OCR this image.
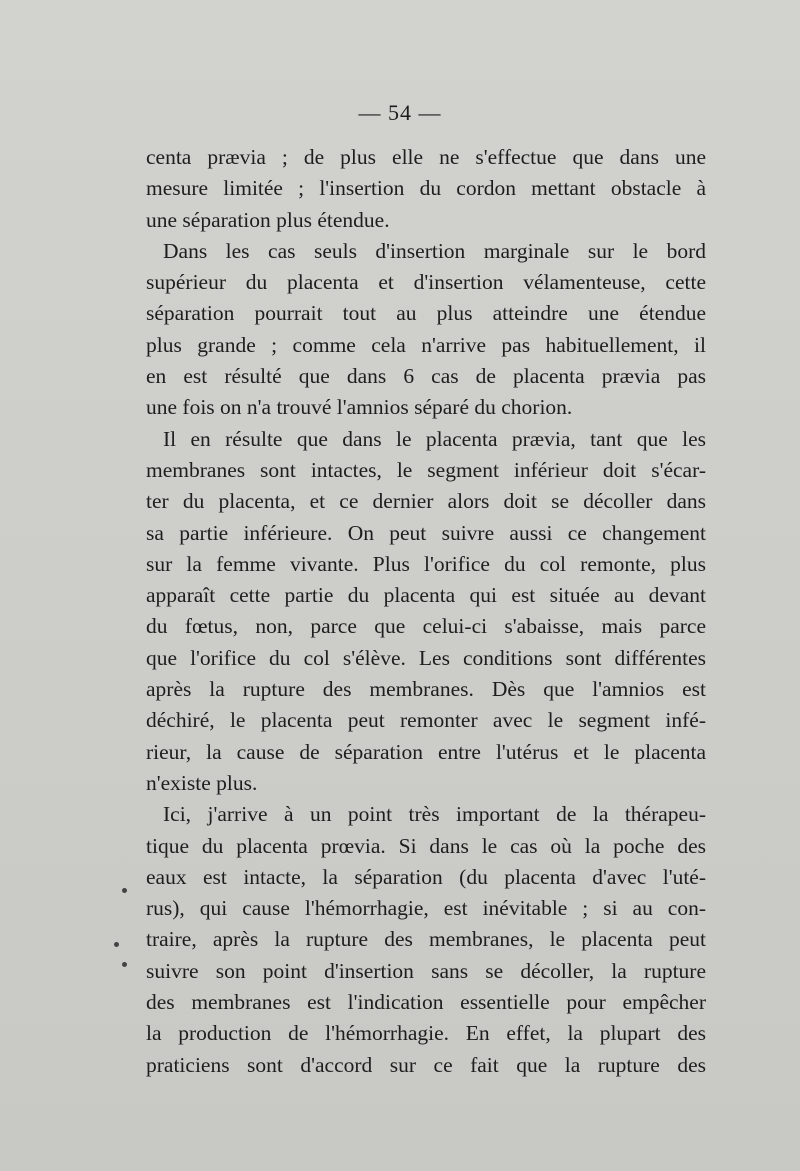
— 54 —
centa prævia ; de plus elle ne s'effectue que dans une
mesure limitée ; l'insertion du cordon mettant obstacle à
une séparation plus étendue.
Dans les cas seuls d'insertion marginale sur le bord
supérieur du placenta et d'insertion vélamenteuse, cette
séparation pourrait tout au plus atteindre une étendue
plus grande ; comme cela n'arrive pas habituellement, il
en est résulté que dans 6 cas de placenta prævia pas
une fois on n'a trouvé l'amnios séparé du chorion.
Il en résulte que dans le placenta prævia, tant que les
membranes sont intactes, le segment inférieur doit s'écar-
ter du placenta, et ce dernier alors doit se décoller dans
sa partie inférieure. On peut suivre aussi ce changement
sur la femme vivante. Plus l'orifice du col remonte, plus
apparaît cette partie du placenta qui est située au devant
du fœtus, non, parce que celui-ci s'abaisse, mais parce
que l'orifice du col s'élève. Les conditions sont différentes
après la rupture des membranes. Dès que l'amnios est
déchiré, le placenta peut remonter avec le segment infé-
rieur, la cause de séparation entre l'utérus et le placenta
n'existe plus.
Ici, j'arrive à un point très important de la thérapeu-
tique du placenta prœvia. Si dans le cas où la poche des
eaux est intacte, la séparation (du placenta d'avec l'uté-
rus), qui cause l'hémorrhagie, est inévitable ; si au con-
traire, après la rupture des membranes, le placenta peut
suivre son point d'insertion sans se décoller, la rupture
des membranes est l'indication essentielle pour empêcher
la production de l'hémorrhagie. En effet, la plupart des
praticiens sont d'accord sur ce fait que la rupture des
